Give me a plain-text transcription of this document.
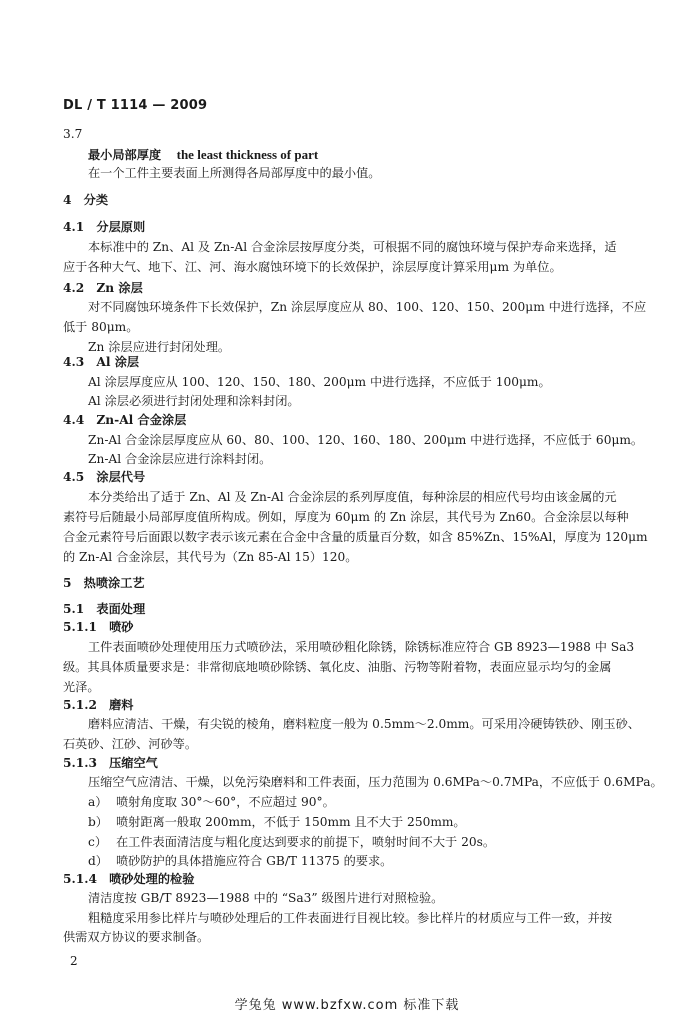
DL / T 1114 — 2009
3.7
最小局部厚度 the least thickness of part
在一个工件主要表面上所测得各局部厚度中的最小值。
4　分类
4.1　分层原则
本标准中的 Zn、Al 及 Zn-Al 合金涂层按厚度分类，可根据不同的腐蚀环境与保护寿命来选择，适
应于各种大气、地下、江、河、海水腐蚀环境下的长效保护，涂层厚度计算采用μm 为单位。
4.2　Zn 涂层
对不同腐蚀环境条件下长效保护，Zn 涂层厚度应从 80、100、120、150、200μm 中进行选择，不应
低于 80μm。
Zn 涂层应进行封闭处理。
4.3　Al 涂层
Al 涂层厚度应从 100、120、150、180、200μm 中进行选择，不应低于 100μm。
Al 涂层必须进行封闭处理和涂料封闭。
4.4　Zn-Al 合金涂层
Zn-Al 合金涂层厚度应从 60、80、100、120、160、180、200μm 中进行选择，不应低于 60μm。
Zn-Al 合金涂层应进行涂料封闭。
4.5　涂层代号
本分类给出了适于 Zn、Al 及 Zn-Al 合金涂层的系列厚度值，每种涂层的相应代号均由该金属的元
素符号后随最小局部厚度值所构成。例如，厚度为 60μm 的 Zn 涂层，其代号为 Zn60。合金涂层以每种
合金元素符号后面跟以数字表示该元素在合金中含量的质量百分数，如含 85%Zn、15%Al，厚度为 120μm
的 Zn-Al 合金涂层，其代号为（Zn 85-Al 15）120。
5　热喷涂工艺
5.1　表面处理
5.1.1　喷砂
工件表面喷砂处理使用压力式喷砂法，采用喷砂粗化除锈，除锈标准应符合 GB 8923—1988 中 Sa3
级。其具体质量要求是：非常彻底地喷砂除锈、氧化皮、油脂、污物等附着物，表面应显示均匀的金属
光泽。
5.1.2　磨料
磨料应清洁、干燥，有尖锐的棱角，磨料粒度一般为 0.5mm～2.0mm。可采用冷硬铸铁砂、刚玉砂、
石英砂、江砂、河砂等。
5.1.3　压缩空气
压缩空气应清洁、干燥，以免污染磨料和工件表面，压力范围为 0.6MPa～0.7MPa，不应低于 0.6MPa。
a） 喷射角度取 30°～60°，不应超过 90°。
b） 喷射距离一般取 200mm，不低于 150mm 且不大于 250mm。
c） 在工件表面清洁度与粗化度达到要求的前提下，喷射时间不大于 20s。
d） 喷砂防护的具体措施应符合 GB/T 11375 的要求。
5.1.4　喷砂处理的检验
清洁度按 GB/T 8923—1988 中的 “Sa3” 级图片进行对照检验。
粗糙度采用参比样片与喷砂处理后的工件表面进行目视比较。参比样片的材质应与工件一致，并按
供需双方协议的要求制备。
2
学兔兔 www.bzfxw.com 标准下载
